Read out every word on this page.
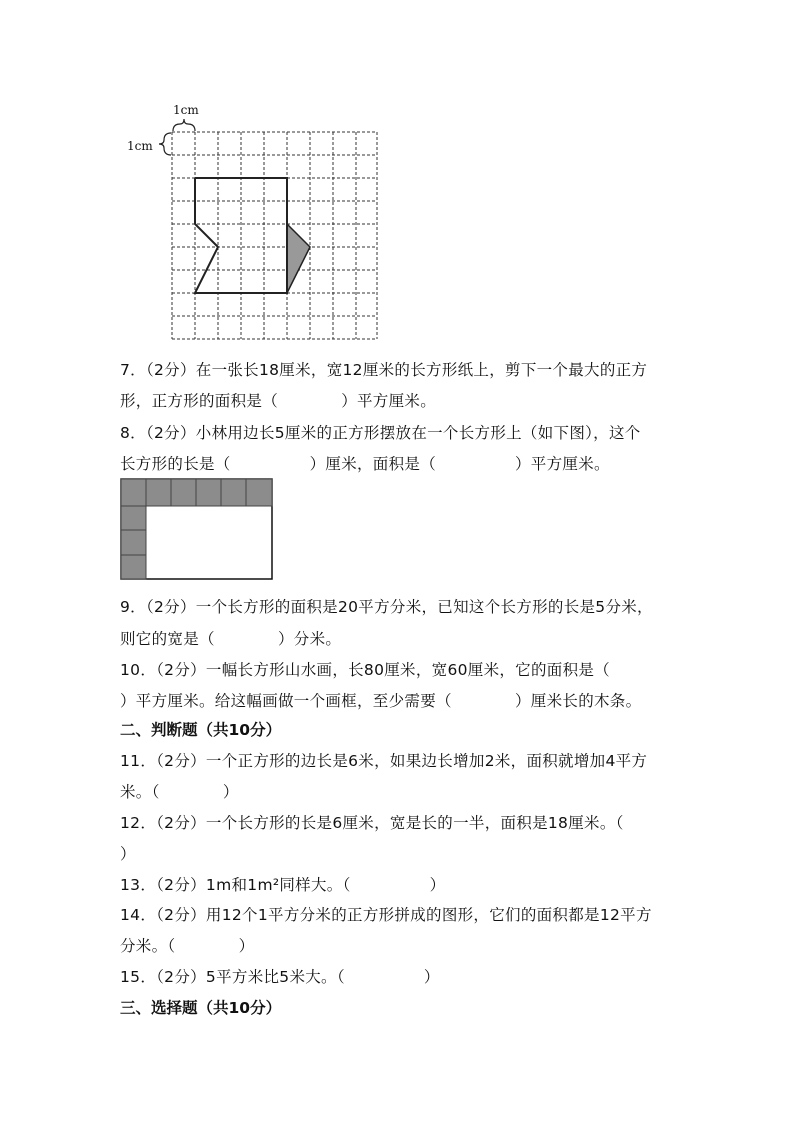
1cm
1cm
7．（2分）在一张长18厘米，宽12厘米的长方形纸上，剪下一个最大的正方
形，正方形的面积是（　　　　）平方厘米。
8．（2分）小林用边长5厘米的正方形摆放在一个长方形上（如下图），这个
长方形的长是（　　　　　）厘米，面积是（　　　　　）平方厘米。
9．（2分）一个长方形的面积是20平方分米，已知这个长方形的长是5分米，
则它的宽是（　　　　）分米。
10．（2分）一幅长方形山水画，长80厘米，宽60厘米，它的面积是（
）平方厘米。给这幅画做一个画框，至少需要（　　　　）厘米长的木条。
二、判断题（共10分）
11．（2分）一个正方形的边长是6米，如果边长增加2米，面积就增加4平方
米。（　　　　）
12．（2分）一个长方形的长是6厘米，宽是长的一半，面积是18厘米。（
）
13．（2分）1m和1m²同样大。（　　　　　）
14．（2分）用12个1平方分米的正方形拼成的图形，它们的面积都是12平方
分米。（　　　　）
15．（2分）5平方米比5米大。（　　　　　）
三、选择题（共10分）
